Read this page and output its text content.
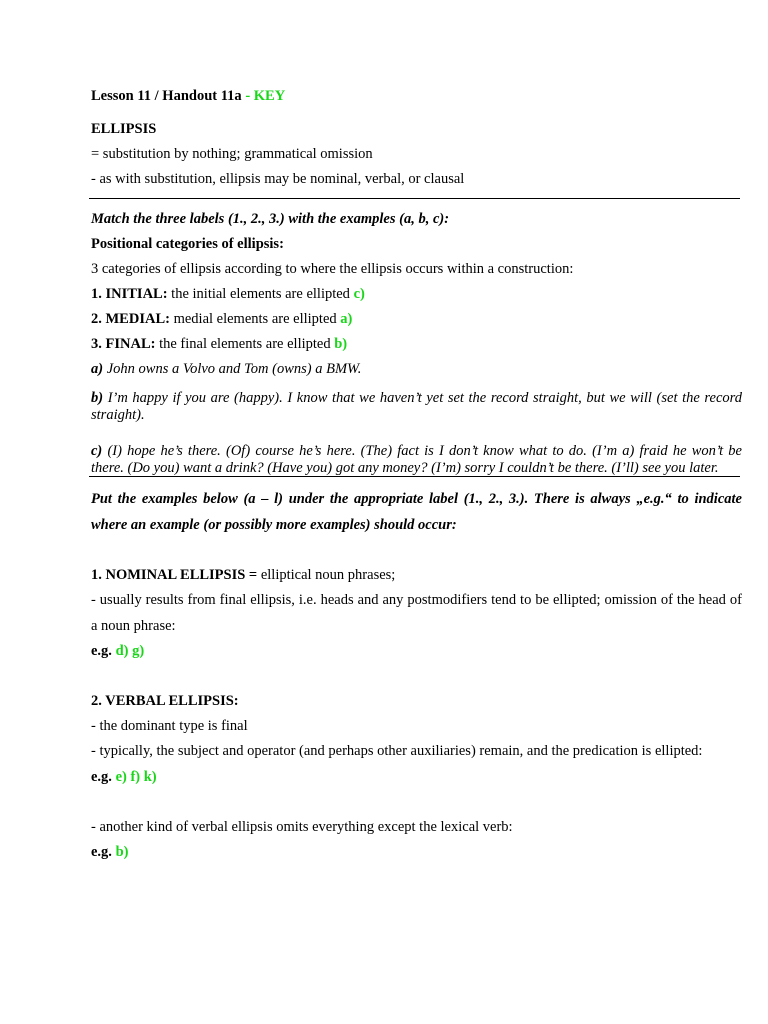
Lesson 11 / Handout 11a - KEY
ELLIPSIS
= substitution by nothing; grammatical omission
- as with substitution, ellipsis may be nominal, verbal, or clausal
Match the three labels (1., 2., 3.) with the examples (a, b, c):
Positional categories of ellipsis:
3 categories of ellipsis according to where the ellipsis occurs within a construction:
1. INITIAL: the initial elements are ellipted c)
2. MEDIAL: medial elements are ellipted a)
3. FINAL: the final elements are ellipted b)
a) John owns a Volvo and Tom (owns) a BMW.
b) I’m happy if you are (happy). I know that we haven’t yet set the record straight, but we will (set the record straight).
c) (I) hope he’s there. (Of) course he’s here. (The) fact is I don’t know what to do. (I’m a) fraid he won’t be there. (Do you) want a drink? (Have you) got any money? (I’m) sorry I couldn’t be there. (I’ll) see you later.
Put the examples below (a – l) under the appropriate label (1., 2., 3.). There is always „e.g.“ to indicate where an example (or possibly more examples) should occur:
1. NOMINAL ELLIPSIS = elliptical noun phrases;
- usually results from final ellipsis, i.e. heads and any postmodifiers tend to be ellipted; omission of the head of a noun phrase:
e.g. d) g)
2. VERBAL ELLIPSIS:
- the dominant type is final
- typically, the subject and operator (and perhaps other auxiliaries) remain, and the predication is ellipted:
e.g. e) f) k)
- another kind of verbal ellipsis omits everything except the lexical verb:
e.g. b)
